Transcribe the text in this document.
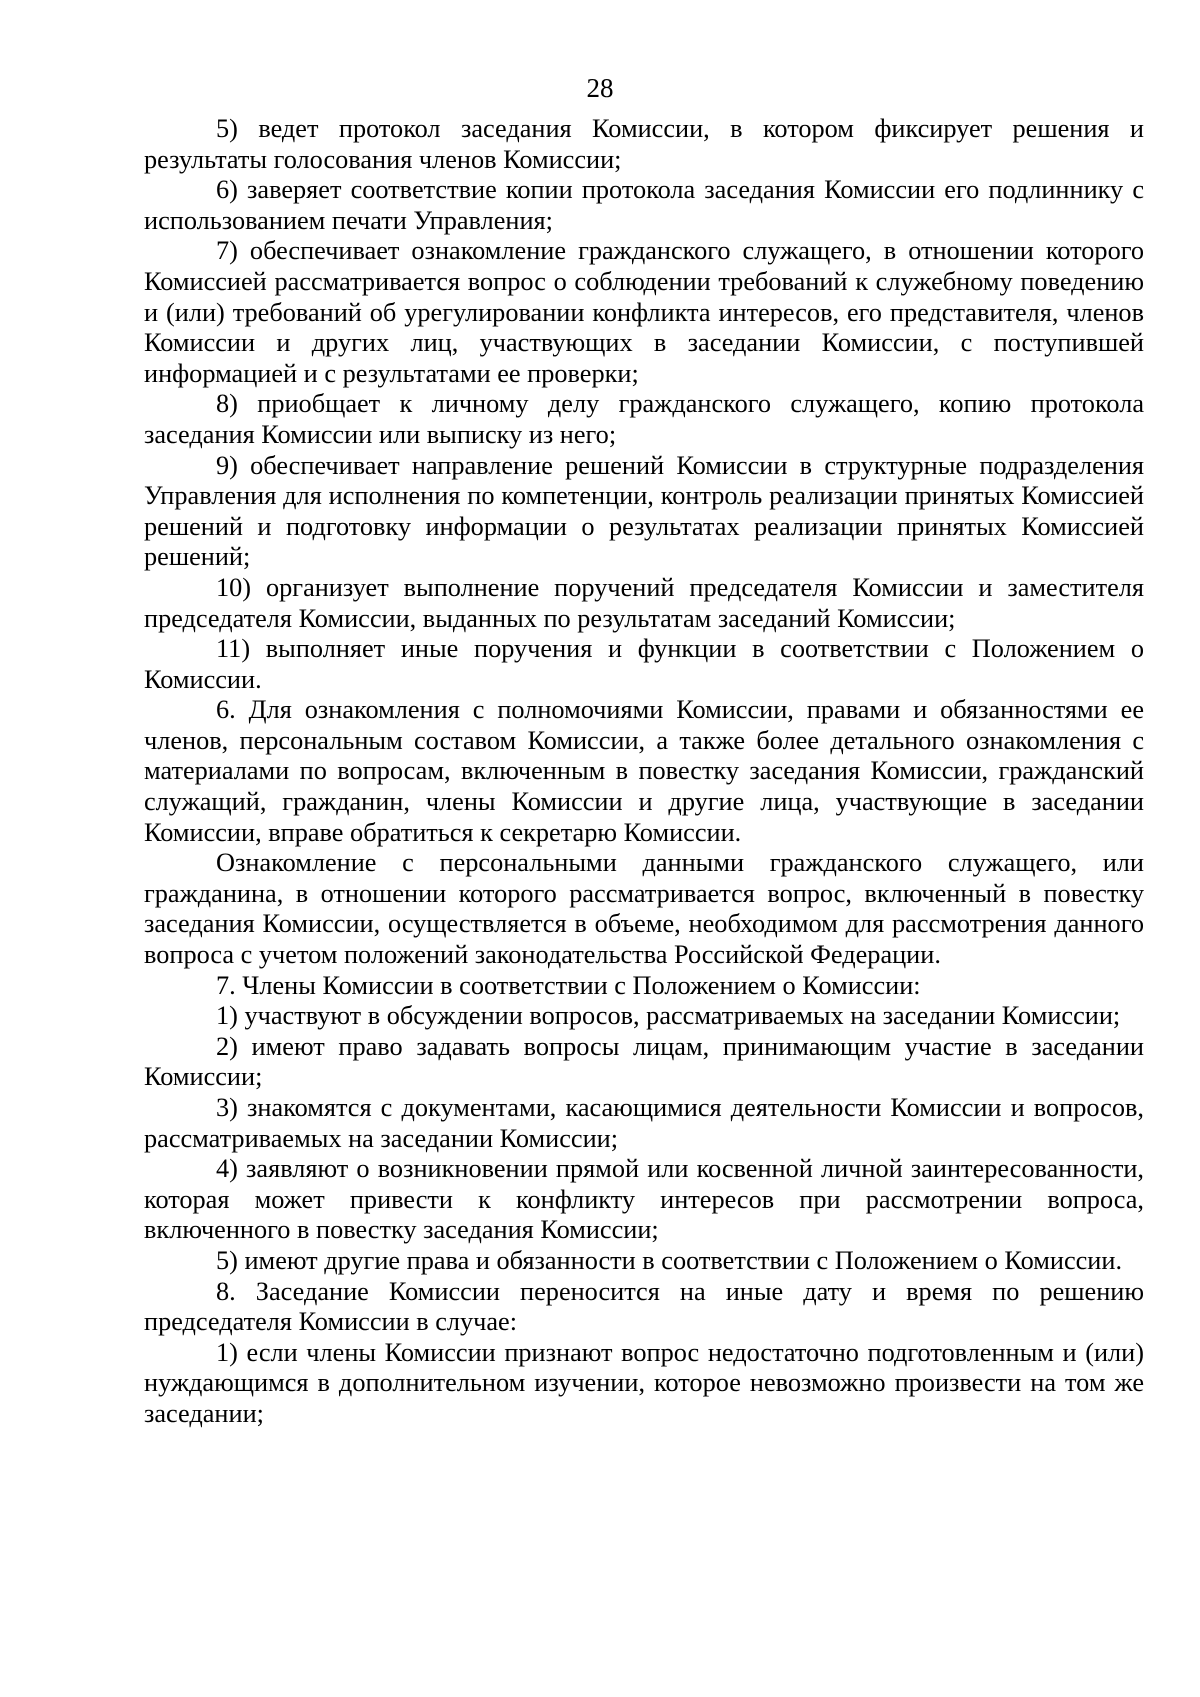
28

5) ведет протокол заседания Комиссии, в котором фиксирует решения и результаты голосования членов Комиссии;

6) заверяет соответствие копии протокола заседания Комиссии его подлиннику с использованием печати Управления;

7) обеспечивает ознакомление гражданского служащего, в отношении которого Комиссией рассматривается вопрос о соблюдении требований к служебному поведению и (или) требований об урегулировании конфликта интересов, его представителя, членов Комиссии и других лиц, участвующих в заседании Комиссии, с поступившей информацией и с результатами ее проверки;

8) приобщает к личному делу гражданского служащего, копию протокола заседания Комиссии или выписку из него;

9) обеспечивает направление решений Комиссии в структурные подразделения Управления для исполнения по компетенции, контроль реализации принятых Комиссией решений и подготовку информации о результатах реализации принятых Комиссией решений;

10) организует выполнение поручений председателя Комиссии и заместителя председателя Комиссии, выданных по результатам заседаний Комиссии;

11) выполняет иные поручения и функции в соответствии с Положением о Комиссии.

6. Для ознакомления с полномочиями Комиссии, правами и обязанностями ее членов, персональным составом Комиссии, а также более детального ознакомления с материалами по вопросам, включенным в повестку заседания Комиссии, гражданский служащий, гражданин, члены Комиссии и другие лица, участвующие в заседании Комиссии, вправе обратиться к секретарю Комиссии.

Ознакомление с персональными данными гражданского служащего, или гражданина, в отношении которого рассматривается вопрос, включенный в повестку заседания Комиссии, осуществляется в объеме, необходимом для рассмотрения данного вопроса с учетом положений законодательства Российской Федерации.

7. Члены Комиссии в соответствии с Положением о Комиссии:

1) участвуют в обсуждении вопросов, рассматриваемых на заседании Комиссии;

2) имеют право задавать вопросы лицам, принимающим участие в заседании Комиссии;

3) знакомятся с документами, касающимися деятельности Комиссии и вопросов, рассматриваемых на заседании Комиссии;

4) заявляют о возникновении прямой или косвенной личной заинтересованности, которая может привести к конфликту интересов при рассмотрении вопроса, включенного в повестку заседания Комиссии;

5) имеют другие права и обязанности в соответствии с Положением о Комиссии.

8. Заседание Комиссии переносится на иные дату и время по решению председателя Комиссии в случае:

1) если члены Комиссии признают вопрос недостаточно подготовленным и (или) нуждающимся в дополнительном изучении, которое невозможно произвести на том же заседании;
